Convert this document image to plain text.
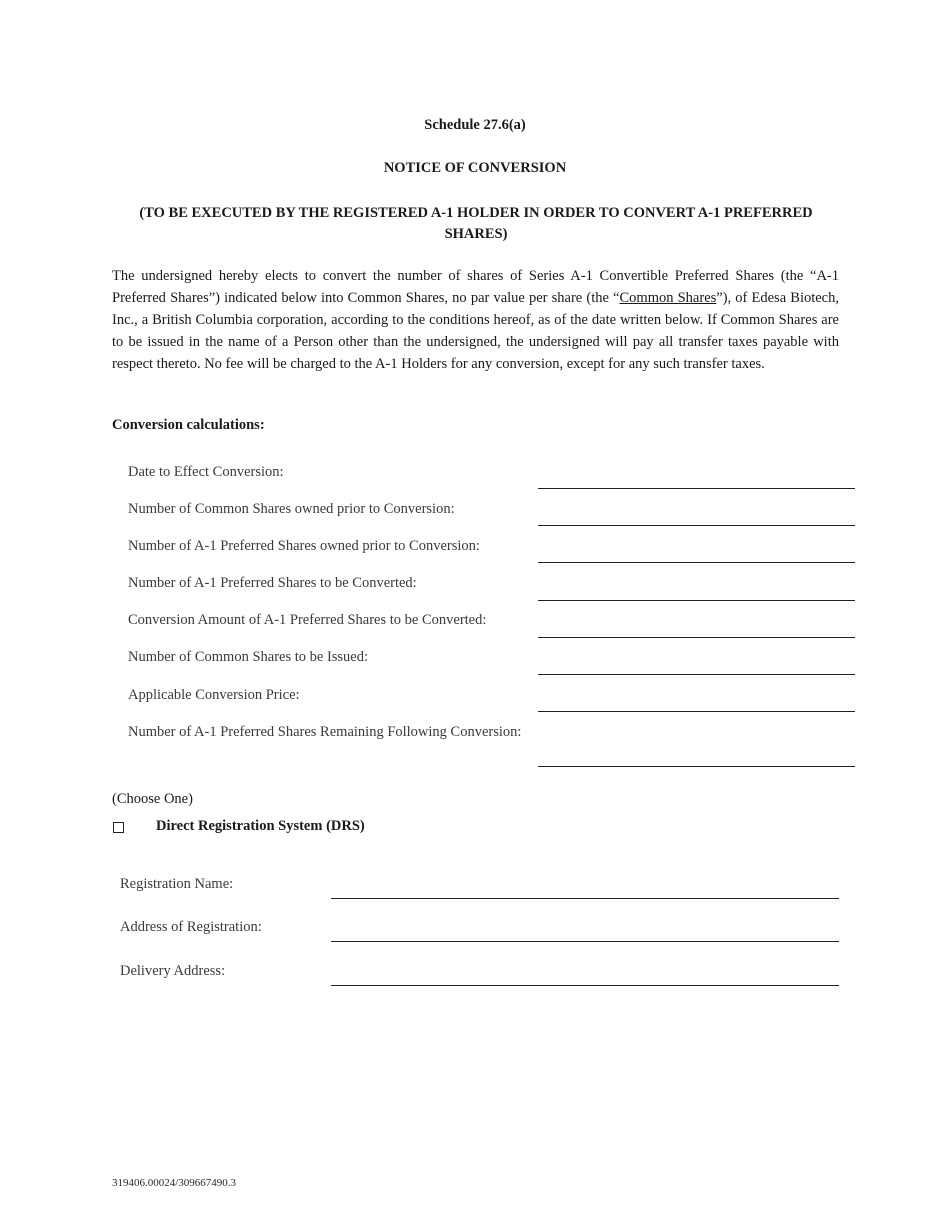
Schedule 27.6(a)
NOTICE OF CONVERSION
(TO BE EXECUTED BY THE REGISTERED A-1 HOLDER IN ORDER TO CONVERT A-1 PREFERRED SHARES)
The undersigned hereby elects to convert the number of shares of Series A-1 Convertible Preferred Shares (the “A-1 Preferred Shares”) indicated below into Common Shares, no par value per share (the “Common Shares”), of Edesa Biotech, Inc., a British Columbia corporation, according to the conditions hereof, as of the date written below. If Common Shares are to be issued in the name of a Person other than the undersigned, the undersigned will pay all transfer taxes payable with respect thereto. No fee will be charged to the A-1 Holders for any conversion, except for any such transfer taxes.
Conversion calculations:
Date to Effect Conversion:
Number of Common Shares owned prior to Conversion:
Number of A-1 Preferred Shares owned prior to Conversion:
Number of A-1 Preferred Shares to be Converted:
Conversion Amount of A-1 Preferred Shares to be Converted:
Number of Common Shares to be Issued:
Applicable Conversion Price:
Number of A-1 Preferred Shares Remaining Following Conversion:
(Choose One)
Direct Registration System (DRS)
Registration Name:
Address of Registration:
Delivery Address:
319406.00024/309667490.3
